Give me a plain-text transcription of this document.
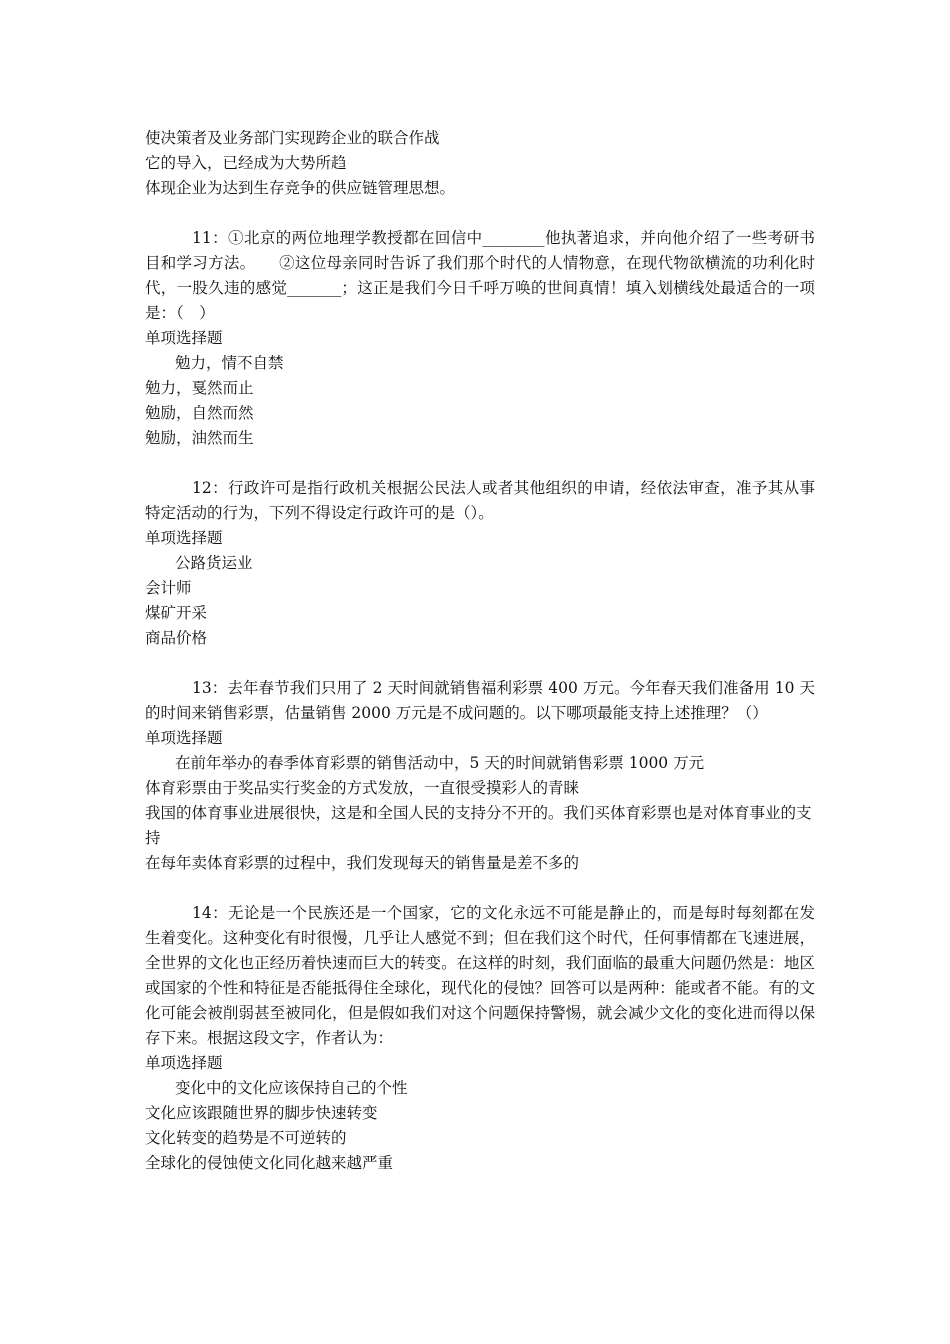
使决策者及业务部门实现跨企业的联合作战
它的导入，已经成为大势所趋
体现企业为达到生存竞争的供应链管理思想。
11：①北京的两位地理学教授都在回信中________他执著追求，并向他介绍了一些考研书目和学习方法。　　②这位母亲同时告诉了我们那个时代的人情物意，在现代物欲横流的功利化时代，一股久违的感觉_______；这正是我们今日千呼万唤的世间真情！填入划横线处最适合的一项是：（　）
单项选择题
勉力，情不自禁
勉力，戛然而止
勉励，自然而然
勉励，油然而生
12：行政许可是指行政机关根据公民法人或者其他组织的申请，经依法审查，准予其从事特定活动的行为，下列不得设定行政许可的是（）。
单项选择题
公路货运业
会计师
煤矿开采
商品价格
13：去年春节我们只用了 2 天时间就销售福利彩票 400 万元。今年春天我们准备用 10 天的时间来销售彩票，估量销售 2000 万元是不成问题的。以下哪项最能支持上述推理？（）
单项选择题
在前年举办的春季体育彩票的销售活动中，5 天的时间就销售彩票 1000 万元
体育彩票由于奖品实行奖金的方式发放，一直很受摸彩人的青睐
我国的体育事业进展很快，这是和全国人民的支持分不开的。我们买体育彩票也是对体育事业的支持
在每年卖体育彩票的过程中，我们发现每天的销售量是差不多的
14：无论是一个民族还是一个国家，它的文化永远不可能是静止的，而是每时每刻都在发生着变化。这种变化有时很慢，几乎让人感觉不到；但在我们这个时代，任何事情都在飞速进展，全世界的文化也正经历着快速而巨大的转变。在这样的时刻，我们面临的最重大问题仍然是：地区或国家的个性和特征是否能抵得住全球化，现代化的侵蚀？回答可以是两种：能或者不能。有的文化可能会被削弱甚至被同化，但是假如我们对这个问题保持警惕，就会减少文化的变化进而得以保存下来。根据这段文字，作者认为：
单项选择题
变化中的文化应该保持自己的个性
文化应该跟随世界的脚步快速转变
文化转变的趋势是不可逆转的
全球化的侵蚀使文化同化越来越严重
